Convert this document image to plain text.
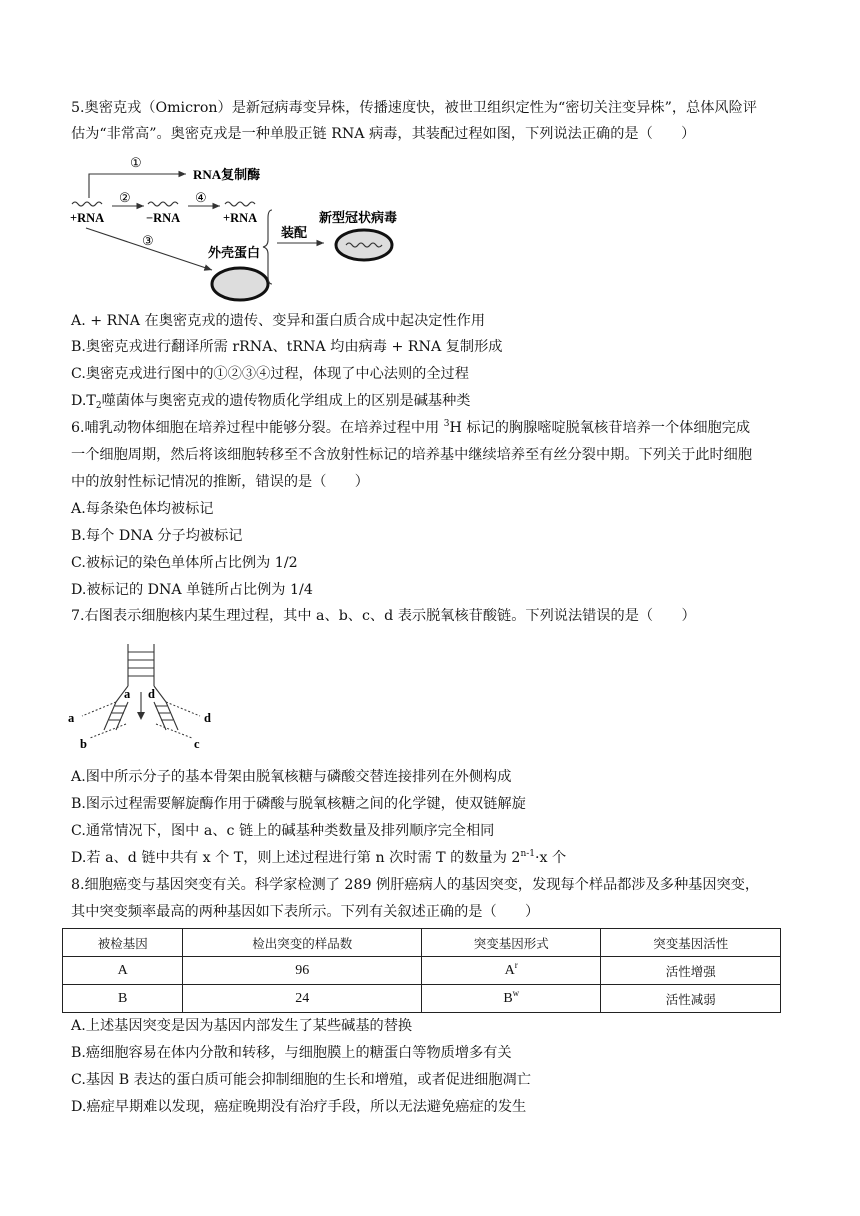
5.奥密克戎（Omicron）是新冠病毒变异株，传播速度快，被世卫组织定性为“密切关注变异株”，总体风险评
估为“非常高”。奥密克戎是一种单股正链 RNA 病毒，其装配过程如图，下列说法正确的是（　　）
+RNA	−RNA	+RNA
①
RNA复制酶
②	④
③
外壳蛋白
装配
新型冠状病毒
A. + RNA 在奥密克戎的遗传、变异和蛋白质合成中起决定性作用
B.奥密克戎进行翻译所需 rRNA、tRNA 均由病毒 + RNA 复制形成
C.奥密克戎进行图中的①②③④过程，体现了中心法则的全过程
$D.T_2$噬菌体与奥密克戎的遗传物质化学组成上的区别是碱基种类
6.哺乳动物体细胞在培养过程中能够分裂。在培养过程中用 $^3$H 标记的胸腺嘧啶脱氧核苷培养一个体细胞完成
一个细胞周期，然后将该细胞转移至不含放射性标记的培养基中继续培养至有丝分裂中期。下列关于此时细胞
中的放射性标记情况的推断，错误的是（　　）
A.每条染色体均被标记
B.每个 DNA 分子均被标记
C.被标记的染色单体所占比例为 1/2
D.被标记的 DNA 单链所占比例为 1/4
7.右图表示细胞核内某生理过程，其中 a、b、c、d 表示脱氧核苷酸链。下列说法错误的是（　　）
a d
a
b
d
c
A.图中所示分子的基本骨架由脱氧核糖与磷酸交替连接排列在外侧构成
B.图示过程需要解旋酶作用于磷酸与脱氧核糖之间的化学键，使双链解旋
C.通常情况下，图中 a、c 链上的碱基种类数量及排列顺序完全相同
D.若 a、d 链中共有 x 个 T，则上述过程进行第 n 次时需 T 的数量为 $2^{n-1}\cdot x$ 个
8.细胞癌变与基因突变有关。科学家检测了 289 例肝癌病人的基因突变，发现每个样品都涉及多种基因突变，
其中突变频率最高的两种基因如下表所示。下列有关叙述正确的是（　　）
被检基因	检出突变的样品数	突变基因形式	突变基因活性
A	96	$A^r$	活性增强
B	24	$B^w$	活性减弱
A.上述基因突变是因为基因内部发生了某些碱基的替换
B.癌细胞容易在体内分散和转移，与细胞膜上的糖蛋白等物质增多有关
C.基因 B 表达的蛋白质可能会抑制细胞的生长和增殖，或者促进细胞凋亡
D.癌症早期难以发现，癌症晚期没有治疗手段，所以无法避免癌症的发生
